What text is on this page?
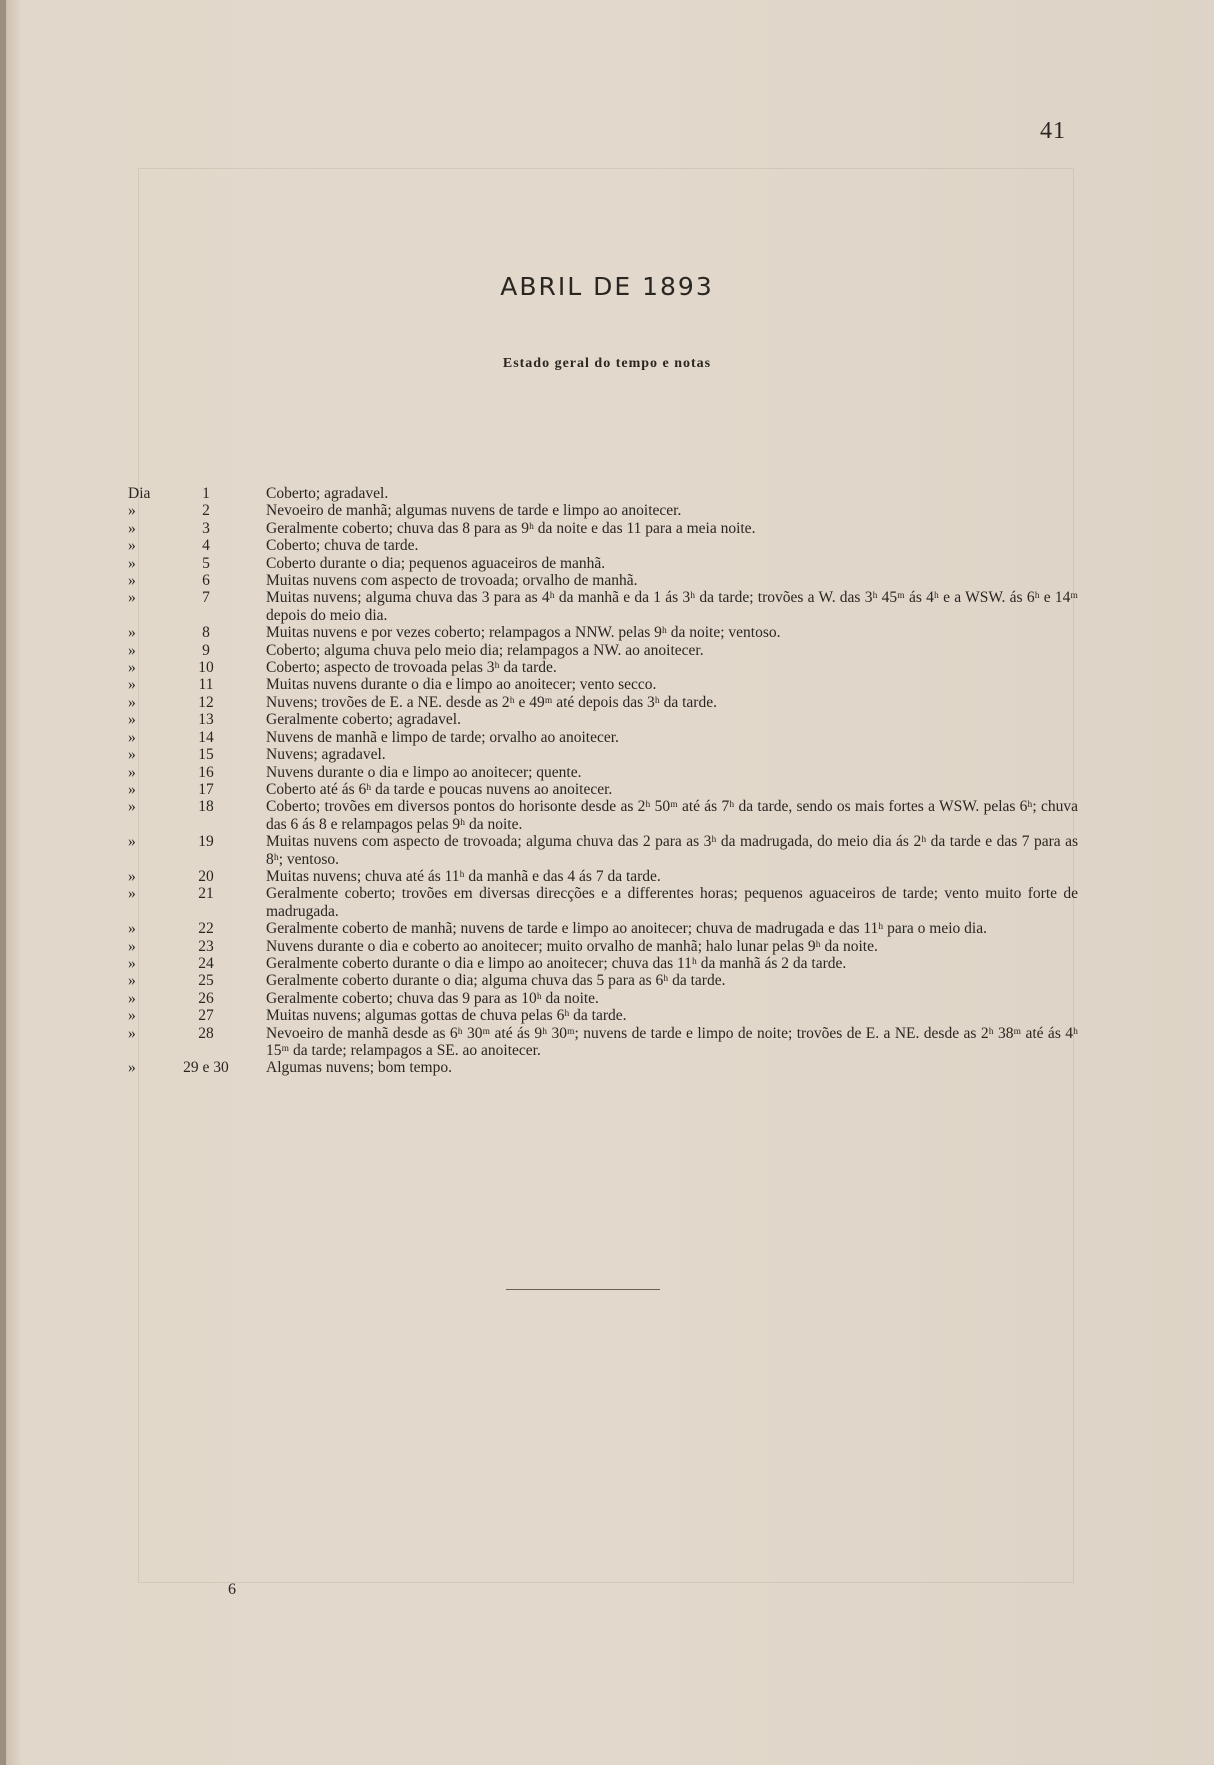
41
ABRIL DE 1893
Estado geral do tempo e notas
Dia	1	Coberto; agradavel.
»	2	Nevoeiro de manhã; algumas nuvens de tarde e limpo ao anoitecer.
»	3	Geralmente coberto; chuva das 8 para as 9ʰ da noite e das 11 para a meia noite.
»	4	Coberto; chuva de tarde.
»	5	Coberto durante o dia; pequenos aguaceiros de manhã.
»	6	Muitas nuvens com aspecto de trovoada; orvalho de manhã.
»	7	Muitas nuvens; alguma chuva das 3 para as 4ʰ da manhã e da 1 ás 3ʰ da tarde; trovões a W. das 3ʰ 45ᵐ ás 4ʰ e a WSW. ás 6ʰ e 14ᵐ depois do meio dia.
»	8	Muitas nuvens e por vezes coberto; relampagos a NNW. pelas 9ʰ da noite; ventoso.
»	9	Coberto; alguma chuva pelo meio dia; relampagos a NW. ao anoitecer.
»	10	Coberto; aspecto de trovoada pelas 3ʰ da tarde.
»	11	Muitas nuvens durante o dia e limpo ao anoitecer; vento secco.
»	12	Nuvens; trovões de E. a NE. desde as 2ʰ e 49ᵐ até depois das 3ʰ da tarde.
»	13	Geralmente coberto; agradavel.
»	14	Nuvens de manhã e limpo de tarde; orvalho ao anoitecer.
»	15	Nuvens; agradavel.
»	16	Nuvens durante o dia e limpo ao anoitecer; quente.
»	17	Coberto até ás 6ʰ da tarde e poucas nuvens ao anoitecer.
»	18	Coberto; trovões em diversos pontos do horisonte desde as 2ʰ 50ᵐ até ás 7ʰ da tarde, sendo os mais fortes a WSW. pelas 6ʰ; chuva das 6 ás 8 e relampagos pelas 9ʰ da noite.
»	19	Muitas nuvens com aspecto de trovoada; alguma chuva das 2 para as 3ʰ da madrugada, do meio dia ás 2ʰ da tarde e das 7 para as 8ʰ; ventoso.
»	20	Muitas nuvens; chuva até ás 11ʰ da manhã e das 4 ás 7 da tarde.
»	21	Geralmente coberto; trovões em diversas direcções e a differentes horas; pequenos aguaceiros de tarde; vento muito forte de madrugada.
»	22	Geralmente coberto de manhã; nuvens de tarde e limpo ao anoitecer; chuva de madrugada e das 11ʰ para o meio dia.
»	23	Nuvens durante o dia e coberto ao anoitecer; muito orvalho de manhã; halo lunar pelas 9ʰ da noite.
»	24	Geralmente coberto durante o dia e limpo ao anoitecer; chuva das 11ʰ da manhã ás 2 da tarde.
»	25	Geralmente coberto durante o dia; alguma chuva das 5 para as 6ʰ da tarde.
»	26	Geralmente coberto; chuva das 9 para as 10ʰ da noite.
»	27	Muitas nuvens; algumas gottas de chuva pelas 6ʰ da tarde.
»	28	Nevoeiro de manhã desde as 6ʰ 30ᵐ até ás 9ʰ 30ᵐ; nuvens de tarde e limpo de noite; trovões de E. a NE. desde as 2ʰ 38ᵐ até ás 4ʰ 15ᵐ da tarde; relampagos a SE. ao anoitecer.
»	29 e 30	Algumas nuvens; bom tempo.
6
